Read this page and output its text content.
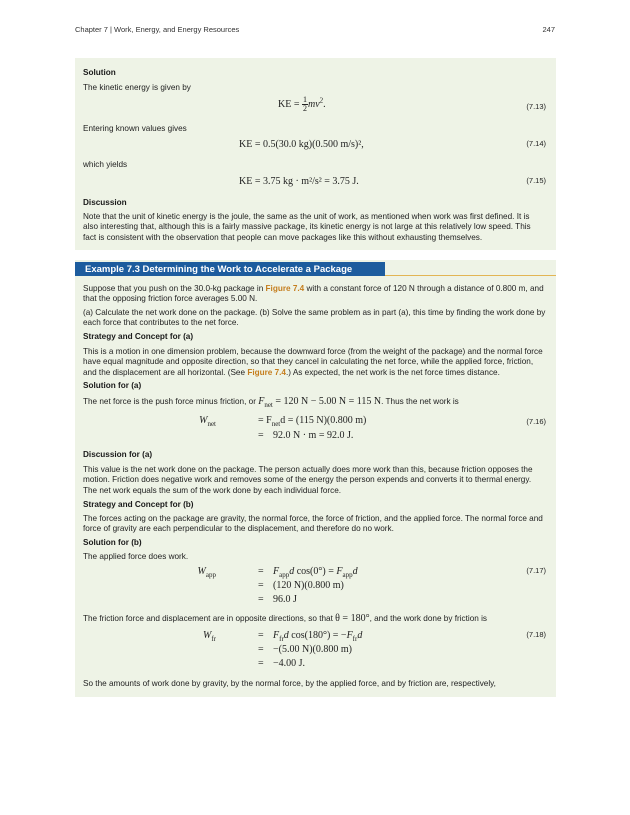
Chapter 7 | Work, Energy, and Energy Resources	247
Solution
The kinetic energy is given by
KE = $\frac{1}{2} mv^2$.	(7.13)
Entering known values gives
KE = 0.5(30.0 kg)(0.500 m/s)²,	(7.14)
which yields
KE = 3.75 kg · m²/s² = 3.75 J.	(7.15)
Discussion
Note that the unit of kinetic energy is the joule, the same as the unit of work, as mentioned when work was first defined. It is also interesting that, although this is a fairly massive package, its kinetic energy is not large at this relatively low speed. This fact is consistent with the observation that people can move packages like this without exhausting themselves.
Suppose that you push on the 30.0-kg package in Figure 7.4 with a constant force of 120 N through a distance of 0.800 m, and that the opposing friction force averages 5.00 N.
(a) Calculate the net work done on the package. (b) Solve the same problem as in part (a), this time by finding the work done by each force that contributes to the net force.
Strategy and Concept for (a)
This is a motion in one dimension problem, because the downward force (from the weight of the package) and the normal force have equal magnitude and opposite direction, so that they cancel in calculating the net force, while the applied force, friction, and the displacement are all horizontal. (See Figure 7.4.) As expected, the net work is the net force times distance.
Solution for (a)
The net force is the push force minus friction, or $F_{net} = 120$ N − 5.00 N = 115 N. Thus the net work is
$W_{net}$	= $F_{net}d = (115$ N)(0.800 m)
= 92.0 N · m = 92.0 J.
(7.16)
Discussion for (a)
This value is the net work done on the package. The person actually does more work than this, because friction opposes the motion. Friction does negative work and removes some of the energy the person expends and converts it to thermal energy. The net work equals the sum of the work done by each individual force.
Strategy and Concept for (b)
The forces acting on the package are gravity, the normal force, the force of friction, and the applied force. The normal force and force of gravity are each perpendicular to the displacement, and therefore do no work.
Solution for (b)
The applied force does work.
$W_{app}$	= $F_{app}d$ $\cos(0^\circ) = F_{app}d$
= (120 N)(0.800 m)
= 96.0 J
(7.17)
The friction force and displacement are in opposite directions, so that θ = 180°, and the work done by friction is
$W_{fr}$	= $F_{fr}d$ $\cos(180^\circ) = -F_{fr}d$
= −(5.00 N)(0.800 m)
= −4.00 J.
(7.18)
So the amounts of work done by gravity, by the normal force, by the applied force, and by friction are, respectively,
Example 7.3 Determining the Work to Accelerate a Package
